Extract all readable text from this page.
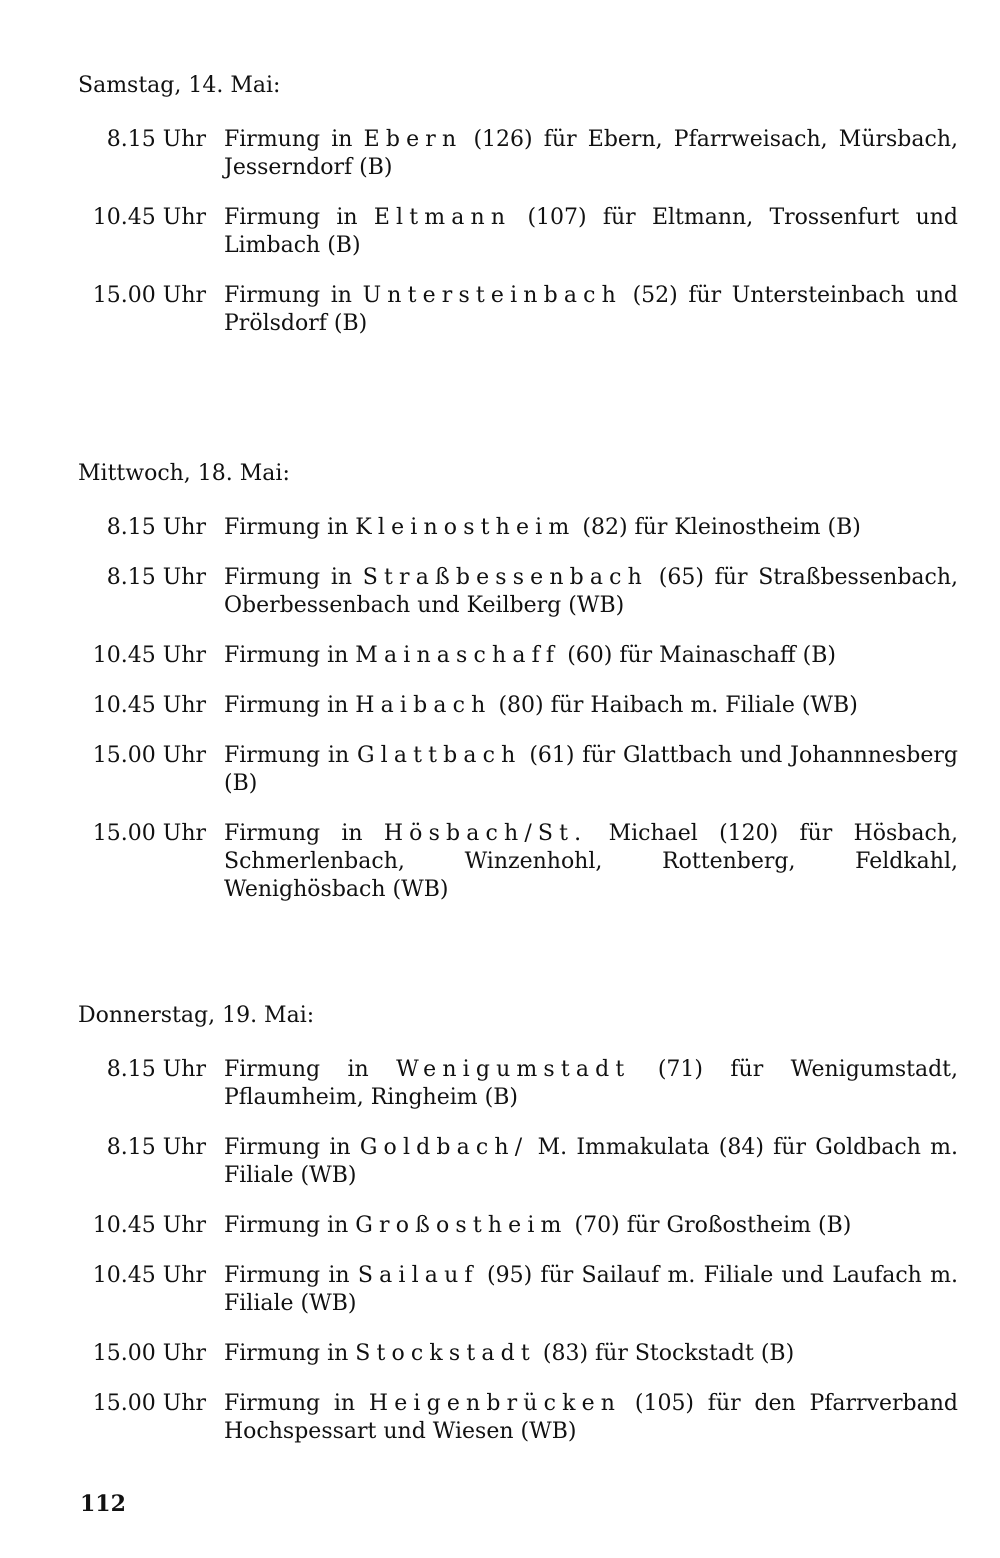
Samstag, 14. Mai:
8.15 Uhr Firmung in Ebern (126) für Ebern, Pfarrweisach, Mürsbach, Jesserndorf (B)
10.45 Uhr Firmung in Eltmann (107) für Eltmann, Trossenfurt und Limbach (B)
15.00 Uhr Firmung in Untersteinbach (52) für Untersteinbach und Prölsdorf (B)
Mittwoch, 18. Mai:
8.15 Uhr Firmung in Kleinostheim (82) für Kleinostheim (B)
8.15 Uhr Firmung in Straßbessenbach (65) für Straßbessenbach, Oberbessenbach und Keilberg (WB)
10.45 Uhr Firmung in Mainaschaff (60) für Mainaschaff (B)
10.45 Uhr Firmung in Haibach (80) für Haibach m. Filiale (WB)
15.00 Uhr Firmung in Glattbach (61) für Glattbach und Johannnesberg (B)
15.00 Uhr Firmung in Hösbach/St. Michael (120) für Hösbach, Schmerlenbach, Winzenhohl, Rottenberg, Feldkahl, Wenighösbach (WB)
Donnerstag, 19. Mai:
8.15 Uhr Firmung in Wenigumstadt (71) für Wenigumstadt, Pflaumheim, Ringheim (B)
8.15 Uhr Firmung in Goldbach/ M. Immakulata (84) für Goldbach m. Filiale (WB)
10.45 Uhr Firmung in Großostheim (70) für Großostheim (B)
10.45 Uhr Firmung in Sailauf (95) für Sailauf m. Filiale und Laufach m. Filiale (WB)
15.00 Uhr Firmung in Stockstadt (83) für Stockstadt (B)
15.00 Uhr Firmung in Heigenbrücken (105) für den Pfarrverband Hochspessart und Wiesen (WB)
112
